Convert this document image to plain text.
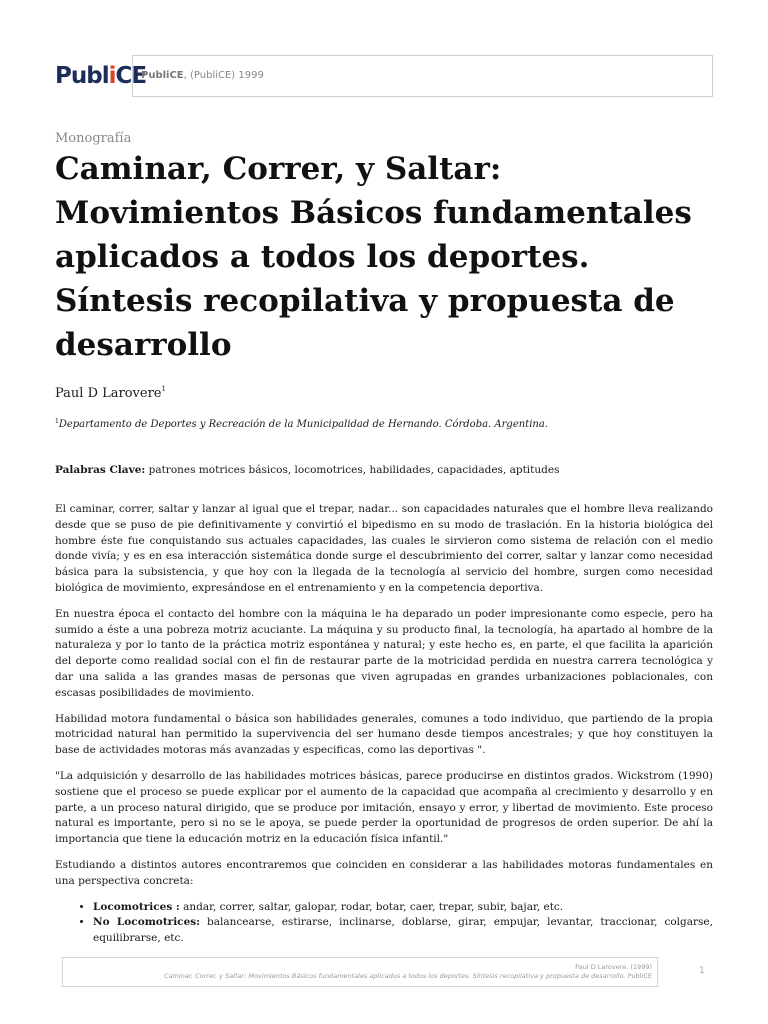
PubliCE
PubliCE, (PubliCE) 1999
Monografía
Caminar, Correr, y Saltar: Movimientos Básicos fundamentales aplicados a todos los deportes. Síntesis recopilativa y propuesta de desarrollo
Paul D Larovere$^1$
$^1$Departamento de Deportes y Recreación de la Municipalidad de Hernando. Córdoba. Argentina.
Palabras Clave: patrones motrices básicos, locomotrices, habilidades, capacidades, aptitudes

El caminar, correr, saltar y lanzar al igual que el trepar, nadar... son capacidades naturales que el hombre lleva realizando desde que se puso de pie definitivamente y convirtió el bipedismo en su modo de traslación. En la historia biológica del hombre éste fue conquistando sus actuales capacidades, las cuales le sirvieron como sistema de relación con el medio donde vivía; y es en esa interacción sistemática donde surge el descubrimiento del correr, saltar y lanzar como necesidad básica para la subsistencia, y que hoy con la llegada de la tecnología al servicio del hombre, surgen como necesidad biológica de movimiento, expresándose en el entrenamiento y en la competencia deportiva.

En nuestra época el contacto del hombre con la máquina le ha deparado un poder impresionante como especie, pero ha sumido a éste a una pobreza motriz acuciante. La máquina y su producto final, la tecnología, ha apartado al hombre de la naturaleza y por lo tanto de la práctica motriz espontánea y natural; y este hecho es, en parte, el que facilita la aparición del deporte como realidad social con el fin de restaurar parte de la motricidad perdida en nuestra carrera tecnológica y dar una salida a las grandes masas de personas que viven agrupadas en grandes urbanizaciones poblacionales, con escasas posibilidades de movimiento.

Habilidad motora fundamental o básica son habilidades generales, comunes a todo individuo, que partiendo de la propia motricidad natural han permitido la supervivencia del ser humano desde tiempos ancestrales; y que hoy constituyen la base de actividades motoras más avanzadas y especificas, como las deportivas ".

"La adquisición y desarrollo de las habilidades motrices básicas, parece producirse en distintos grados. Wickstrom (1990) sostiene que el proceso se puede explicar por el aumento de la capacidad que acompaña al crecimiento y desarrollo y en parte, a un proceso natural dirigido, que se produce por imitación, ensayo y error, y libertad de movimiento. Este proceso natural es importante, pero si no se le apoya, se puede perder la oportunidad de progresos de orden superior. De ahí la importancia que tiene la educación motriz en la educación física infantil."

Estudiando a distintos autores encontraremos que coinciden en considerar a las habilidades motoras fundamentales en una perspectiva concreta:

• Locomotrices : andar, correr, saltar, galopar, rodar, botar, caer, trepar, subir, bajar, etc.
• No Locomotrices: balancearse, estirarse, inclinarse, doblarse, girar, empujar, levantar, traccionar, colgarse, equilibrarse, etc.
Paul D Larovere. (1999)
Caminar, Correr, y Saltar: Movimientos Básicos fundamentales aplicados a todos los deportes. Síntesis recopilativa y propuesta de desarrollo. PubliCE	1
